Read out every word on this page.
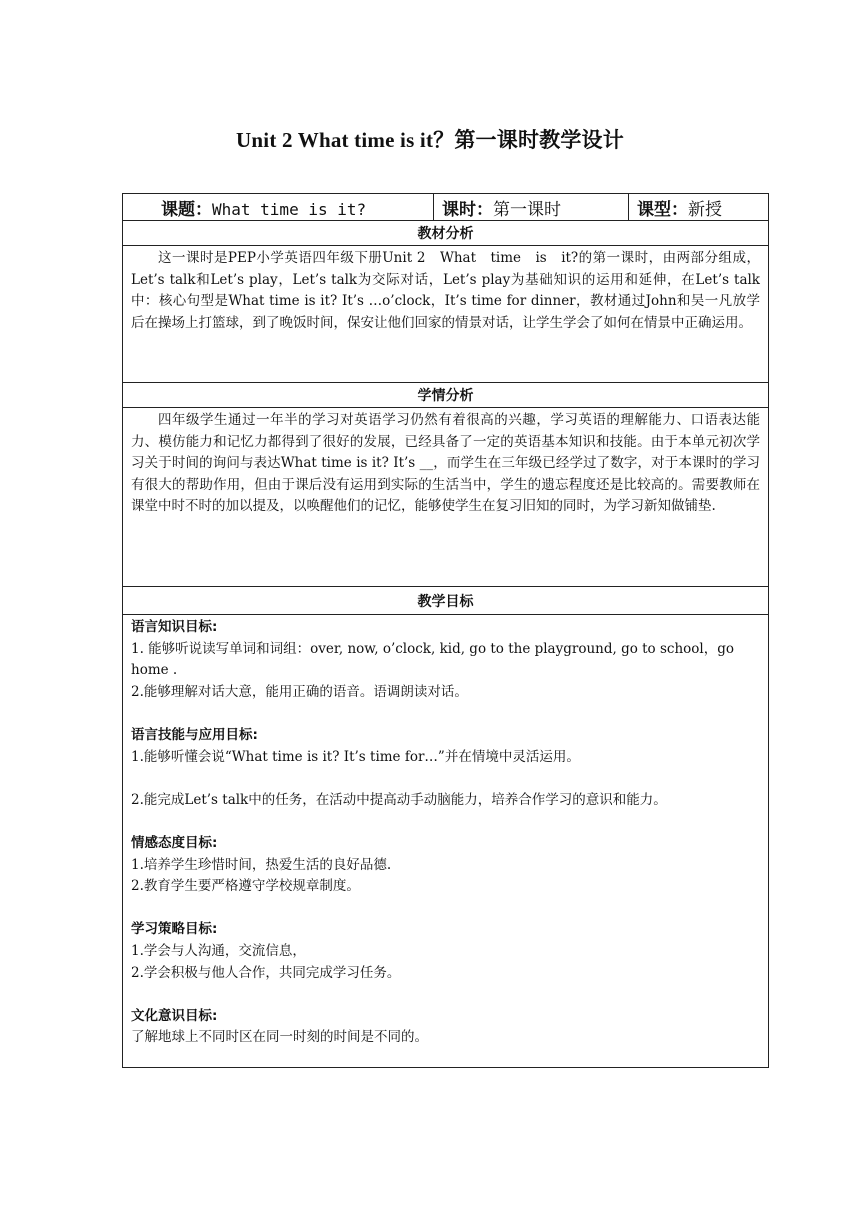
Unit 2 What time is it？第一课时教学设计
课题：What time is it?	课时：第一课时	课型：新授
教材分析
这一课时是PEP小学英语四年级下册Unit 2　What　time　is　it?的第一课时，由两部分组成，Let’s talk和Let’s play，Let’s talk为交际对话，Let’s play为基础知识的运用和延伸，在Let’s talk中：核心句型是What time is it? It’s …o’clock，It’s time for dinner，教材通过John和吴一凡放学后在操场上打篮球，到了晚饭时间，保安让他们回家的情景对话，让学生学会了如何在情景中正确运用。
学情分析
四年级学生通过一年半的学习对英语学习仍然有着很高的兴趣，学习英语的理解能力、口语表达能力、模仿能力和记忆力都得到了很好的发展，已经具备了一定的英语基本知识和技能。由于本单元初次学习关于时间的询问与表达What time is it? It’s __，而学生在三年级已经学过了数字，对于本课时的学习有很大的帮助作用，但由于课后没有运用到实际的生活当中，学生的遗忘程度还是比较高的。需要教师在课堂中时不时的加以提及，以唤醒他们的记忆，能够使学生在复习旧知的同时，为学习新知做铺垫.
教学目标

语言知识目标:
1. 能够听说读写单词和词组：over, now, o’clock, kid, go to the playground, go to school，go home .
2.能够理解对话大意，能用正确的语音。语调朗读对话。
语言技能与应用目标:
1.能够听懂会说“What time is it? It’s time for…”并在情境中灵活运用。
2.能完成Let’s talk中的任务，在活动中提高动手动脑能力，培养合作学习的意识和能力。
情感态度目标:
1.培养学生珍惜时间，热爱生活的良好品德.
2.教育学生要严格遵守学校规章制度。
学习策略目标:
1.学会与人沟通，交流信息，
2.学会积极与他人合作，共同完成学习任务。
文化意识目标:
了解地球上不同时区在同一时刻的时间是不同的。
